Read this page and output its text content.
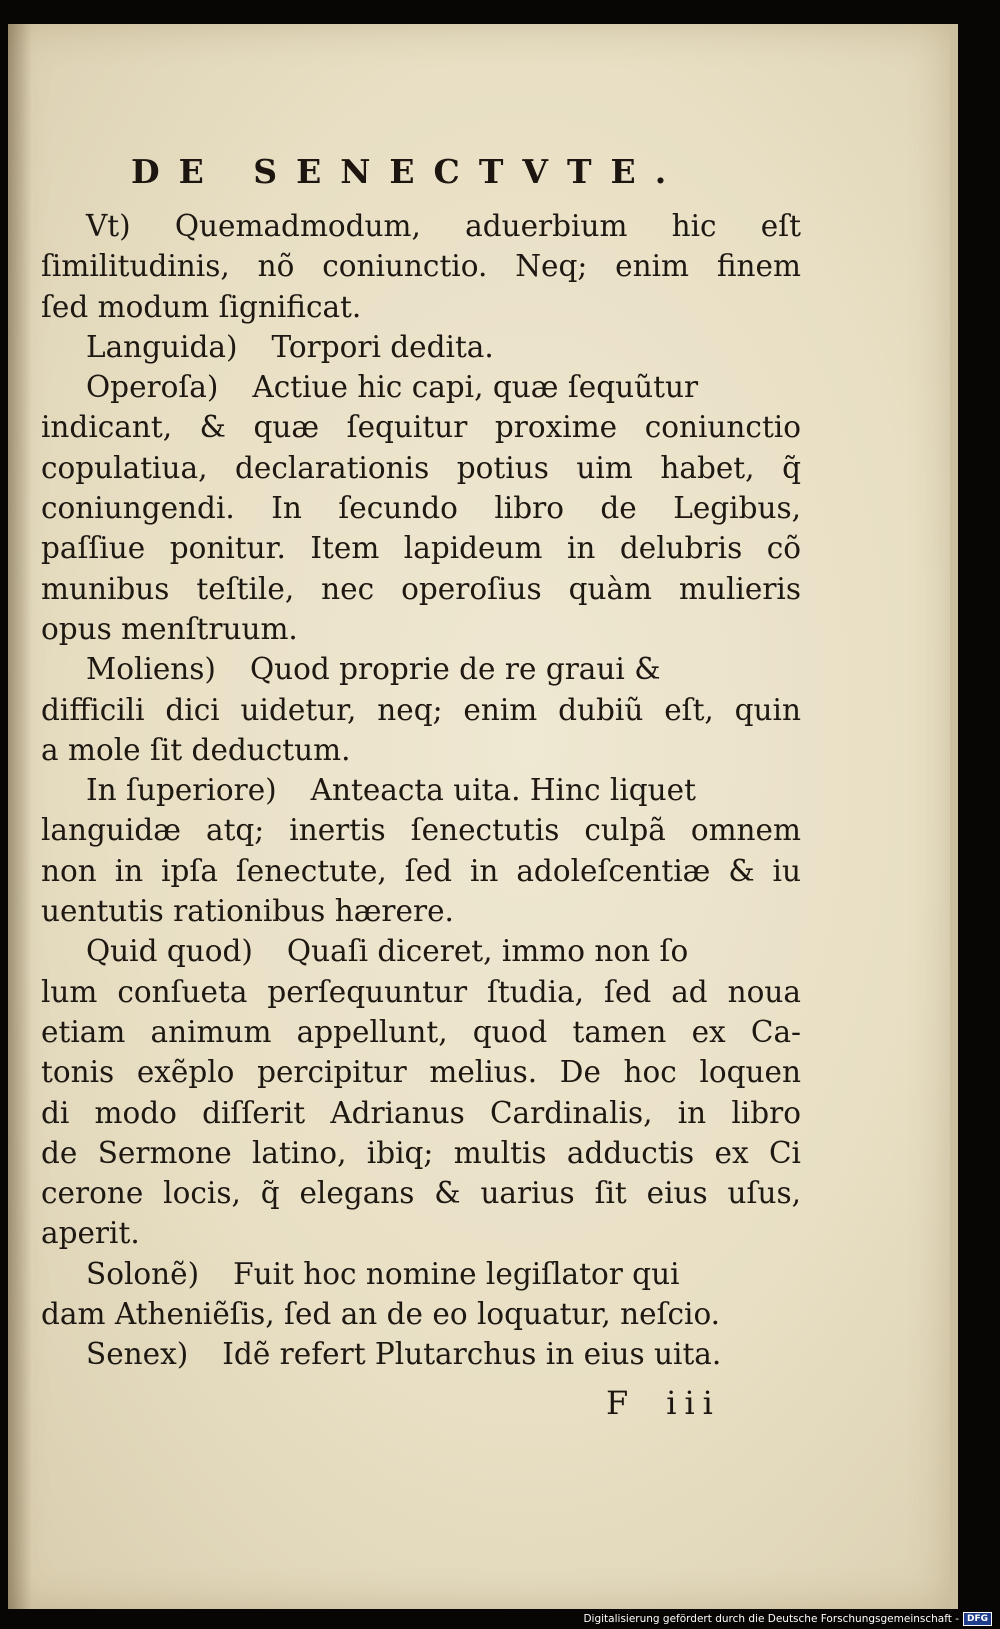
DE SENECTVTE.
Vt) Quemadmodum, aduerbium hic eſt
ſimilitudinis, nõ coniunctio. Neq; enim finem
ſed modum ſignificat.
Languida) Torpori dedita.
Operoſa) Actiue hic capi, quæ ſequũtur
indicant, & quæ ſequitur proxime coniunctio
copulatiua, declarationis potius uim habet, q̃
coniungendi. In ſecundo libro de Legibus,
paſſiue ponitur. Item lapideum in delubris cõ
munibus teſtile, nec operoſius quàm mulieris
opus menſtruum.
Moliens) Quod proprie de re graui &
difficili dici uidetur, neq; enim dubiũ eſt, quin
a mole ſit deductum.
In ſuperiore) Anteacta uita. Hinc liquet
languidæ atq; inertis ſenectutis culpã omnem
non in ipſa ſenectute, ſed in adoleſcentiæ & iu
uentutis rationibus hærere.
Quid quod) Quaſi diceret, immo non ſo
lum conſueta perſequuntur ſtudia, ſed ad noua
etiam animum appellunt, quod tamen ex Ca-
tonis exẽplo percipitur melius. De hoc loquen
di modo diſſerit Adrianus Cardinalis, in libro
de Sermone latino, ibiq; multis adductis ex Ci
cerone locis, q̃ elegans & uarius ſit eius uſus,
aperit.
Solonẽ) Fuit hoc nomine legiſlator qui
dam Atheniẽſis, ſed an de eo loquatur, neſcio.
Senex) Idẽ refert Plutarchus in eius uita.
F iii
Digitalisierung gefördert durch die Deutsche Forschungsgemeinschaft - DFG
